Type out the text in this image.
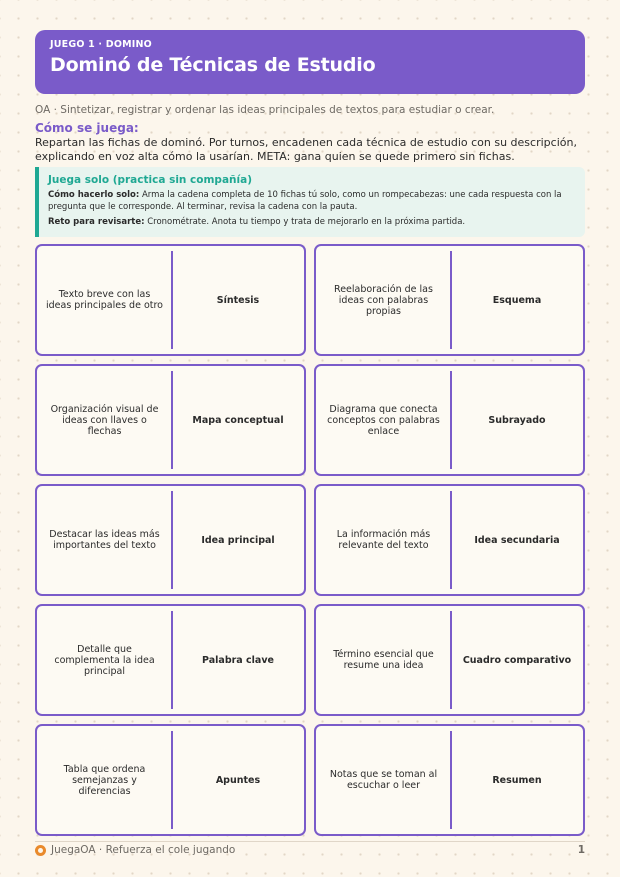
JUEGO 1 · DOMINO
Dominó de Técnicas de Estudio
OA · Sintetizar, registrar y ordenar las ideas principales de textos para estudiar o crear.
Cómo se juega:
Repartan las fichas de dominó. Por turnos, encadenen cada técnica de estudio con su descripción, explicando en voz alta cómo la usarían. META: gana quien se quede primero sin fichas.
Juega solo (practica sin compañía)

Cómo hacerlo solo: Arma la cadena completa de 10 fichas tú solo, como un rompecabezas: une cada respuesta con la pregunta que le corresponde. Al terminar, revisa la cadena con la pauta.

Reto para revisarte: Cronométrate. Anota tu tiempo y trata de mejorarlo en la próxima partida.

Texto breve con las ideas principales de otro	Síntesis
Reelaboración de las ideas con palabras propias
Esquema
Organización visual de ideas con llaves o flechas
Mapa conceptual
Diagrama que conecta conceptos con palabras enlace
Subrayado
Destacar las ideas más importantes del texto	Idea principal	La información más relevante del texto	Idea secundaria
Detalle que complementa la idea principal
Palabra clave	Término esencial que resume una idea	Cuadro comparativo
Tabla que ordena semejanzas y diferencias
Apuntes	Notas que se toman al escuchar o leer	Resumen
JuegaOA · Refuerza el cole jugando	1
